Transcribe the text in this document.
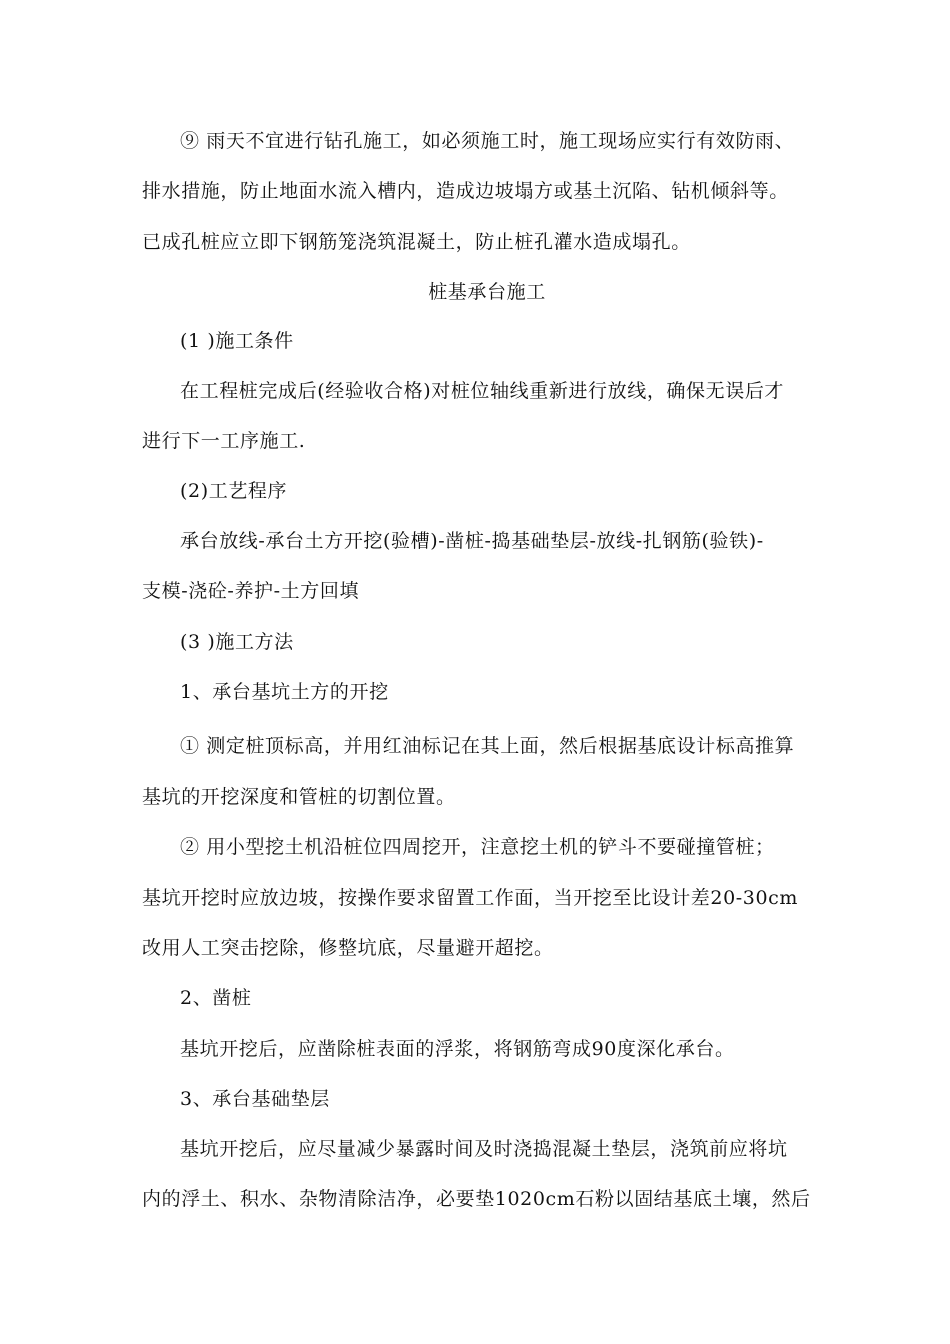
⑨ 雨天不宜进行钻孔施工，如必须施工时，施工现场应实行有效防雨、
排水措施，防止地面水流入槽内，造成边坡塌方或基土沉陷、钻机倾斜等。
已成孔桩应立即下钢筋笼浇筑混凝土，防止桩孔灌水造成塌孔。
桩基承台施工
(1 )施工条件
在工程桩完成后(经验收合格)对桩位轴线重新进行放线，确保无误后才
进行下一工序施工.
(2)工艺程序
承台放线-承台土方开挖(验槽)-凿桩-捣基础垫层-放线-扎钢筋(验铁)-
支模-浇砼-养护-土方回填
(3 )施工方法
1、承台基坑土方的开挖
① 测定桩顶标高，并用红油标记在其上面，然后根据基底设计标高推算
基坑的开挖深度和管桩的切割位置。
② 用小型挖土机沿桩位四周挖开，注意挖土机的铲斗不要碰撞管桩；
基坑开挖时应放边坡，按操作要求留置工作面，当开挖至比设计差20-30cm
改用人工突击挖除，修整坑底，尽量避开超挖。
2、凿桩
基坑开挖后，应凿除桩表面的浮浆，将钢筋弯成90度深化承台。
3、承台基础垫层
基坑开挖后，应尽量减少暴露时间及时浇捣混凝土垫层，浇筑前应将坑
内的浮土、积水、杂物清除洁净，必要垫1020cm石粉以固结基底土壤，然后
